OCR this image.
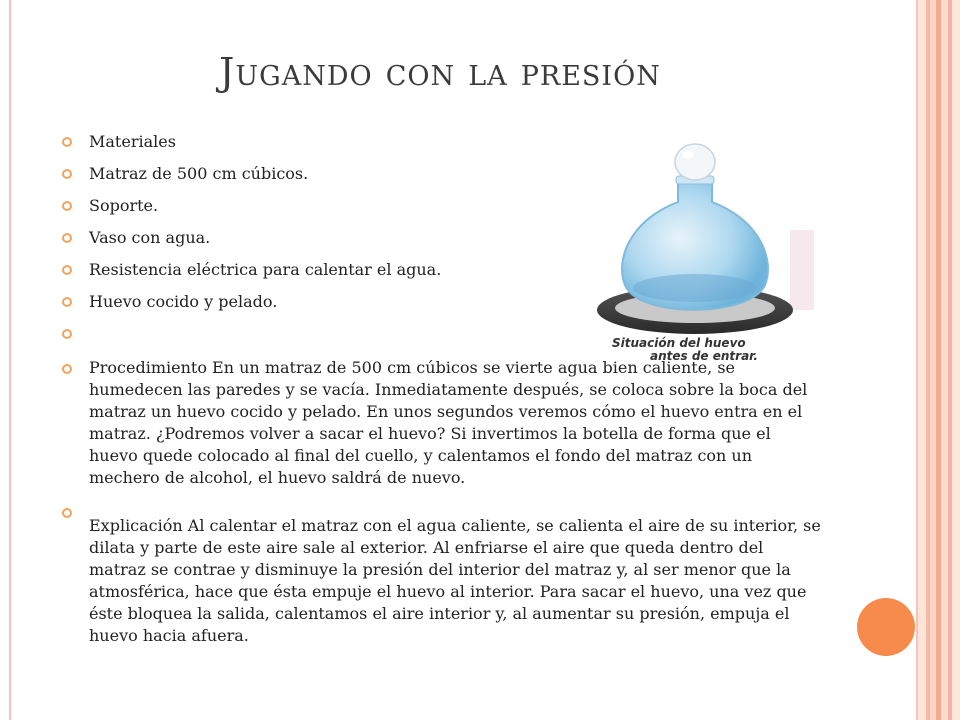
Jugando con la presión
Materiales
Matraz de 500 cm cúbicos.
Soporte.
Vaso con agua.
Resistencia eléctrica para calentar el agua.
Huevo cocido y pelado.
Procedimiento En un matraz de 500 cm cúbicos se vierte agua bien caliente, se humedecen las paredes y se vacía. Inmediatamente después, se coloca sobre la boca del matraz un huevo cocido y pelado. En unos segundos veremos cómo el huevo entra en el matraz. ¿Podremos volver a sacar el huevo? Si invertimos la botella de forma que el huevo quede colocado al final del cuello, y calentamos el fondo del matraz con un mechero de alcohol, el huevo saldrá de nuevo.
Explicación Al calentar el matraz con el agua caliente, se calienta el aire de su interior, se dilata y parte de este aire sale al exterior. Al enfriarse el aire que queda dentro del matraz se contrae y disminuye la presión del interior del matraz y, al ser menor que la atmosférica, hace que ésta empuje el huevo al interior. Para sacar el huevo, una vez que éste bloquea la salida, calentamos el aire interior y, al aumentar su presión, empuja el huevo hacia afuera.
Situación del huevo
antes de entrar.
